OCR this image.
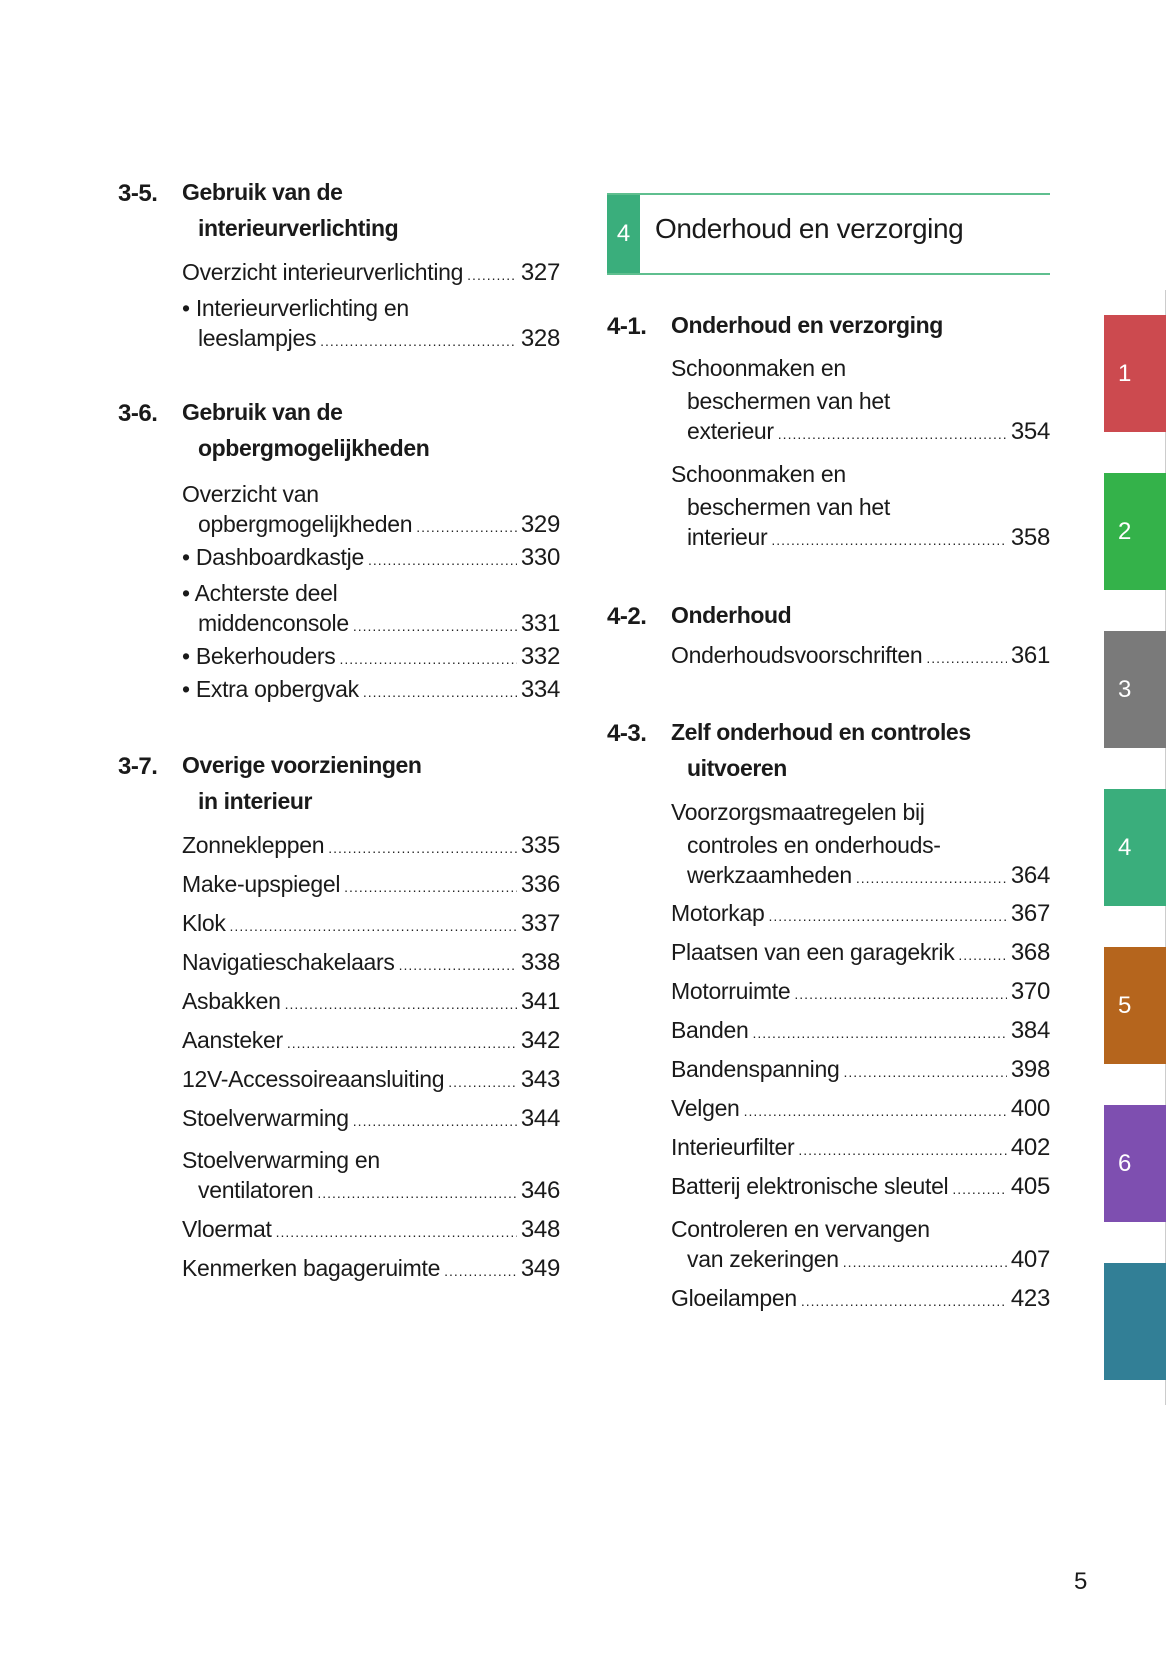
3-5. Gebruik van de
interieurverlichting
Overzicht interieurverlichting ..... 327
• Interieurverlichting en
leeslampjes .....	328
3-6. Gebruik van de
opbergmogelijkheden
Overzicht van
opbergmogelijkheden .....	329
• Dashboardkastje .....	330
• Achterste deel
middenconsole .....	331
• Bekerhouders .....	332
• Extra opbergvak .....	334
3-7. Overige voorzieningen
in interieur
Zonnekleppen .....	335
Make-upspiegel .....	336
Klok .....	337
Navigatieschakelaars .....	338
Asbakken .....	341
Aansteker .....	342
12V-Accessoireaansluiting .....	343
Stoelverwarming .....	344
Stoelverwarming en
ventilatoren .....	346
Vloermat .....	348
Kenmerken bagageruimte .....	349
4 Onderhoud en verzorging
4-1. Onderhoud en verzorging
Schoonmaken en
beschermen van het
exterieur .....	354
Schoonmaken en
beschermen van het
interieur .....	358
4-2. Onderhoud
Onderhoudsvoorschriften .....	361
4-3. Zelf onderhoud en controles
uitvoeren
Voorzorgsmaatregelen bij
controles en onderhouds-
werkzaamheden .....	364
Motorkap .....	367
Plaatsen van een garagekrik ..... 368
Motorruimte .....	370
Banden .....	384
Bandenspanning .....	398
Velgen .....	400
Interieurfilter .....	402
Batterij elektronische sleutel .....	405
Controleren en vervangen
van zekeringen .....	407
Gloeilampen .....	423
1
2
3
4
5
6
5
